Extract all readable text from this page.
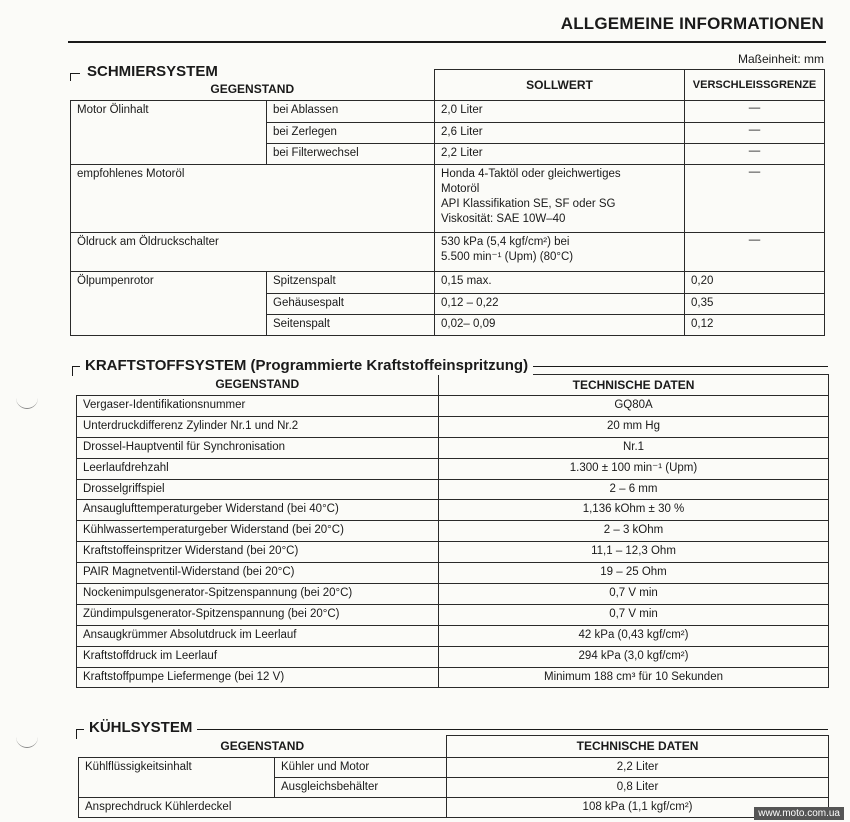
ALLGEMEINE INFORMATIONEN
Maßeinheit: mm
SCHMIERSYSTEM
GEGENSTAND		SOLLWERT	VERSCHLEISSGRENZE
Motor Ölinhalt	bei Ablassen	2,0 Liter	—
	bei Zerlegen	2,6 Liter	—
	bei Filterwechsel	2,2 Liter	—
empfohlenes Motoröl		Honda 4-Taktöl oder gleichwertiges
Motoröl
API Klassifikation SE, SF oder SG
Viskosität: SAE 10W–40	—
Öldruck am Öldruckschalter		530 kPa (5,4 kgf/cm²) bei
5.500 min⁻¹ (Upm) (80°C)	—
Ölpumpenrotor	Spitzenspalt	0,15 max.	0,20
	Gehäusespalt	0,12 – 0,22	0,35
	Seitenspalt	0,02– 0,09	0,12
KRAFTSTOFFSYSTEM (Programmierte Kraftstoffeinspritzung)
GEGENSTAND	TECHNISCHE DATEN
Vergaser-Identifikationsnummer	GQ80A
Unterdruckdifferenz Zylinder Nr.1 und Nr.2	20 mm Hg
Drossel-Hauptventil für Synchronisation	Nr.1
Leerlaufdrehzahl	1.300 ± 100 min⁻¹ (Upm)
Drosselgriffspiel	2 – 6 mm
Ansauglufttemperaturgeber Widerstand (bei 40°C)	1,136 kOhm ± 30 %
Kühlwassertemperaturgeber Widerstand (bei 20°C)	2 – 3 kOhm
Kraftstoffeinspritzer Widerstand (bei 20°C)	11,1 – 12,3 Ohm
PAIR Magnetventil-Widerstand (bei 20°C)	19 – 25 Ohm
Nockenimpulsgenerator-Spitzenspannung (bei 20°C)	0,7 V min
Zündimpulsgenerator-Spitzenspannung (bei 20°C)	0,7 V min
Ansaugkrümmer Absolutdruck im Leerlauf	42 kPa (0,43 kgf/cm²)
Kraftstoffdruck im Leerlauf	294 kPa (3,0 kgf/cm²)
Kraftstoffpumpe Liefermenge (bei 12 V)	Minimum 188 cm³ für 10 Sekunden
KÜHLSYSTEM
GEGENSTAND		TECHNISCHE DATEN
Kühlflüssigkeitsinhalt	Kühler und Motor	2,2 Liter
	Ausgleichsbehälter	0,8 Liter
Ansprechdruck Kühlerdeckel		108 kPa (1,1 kgf/cm²)
www.moto.com.ua
